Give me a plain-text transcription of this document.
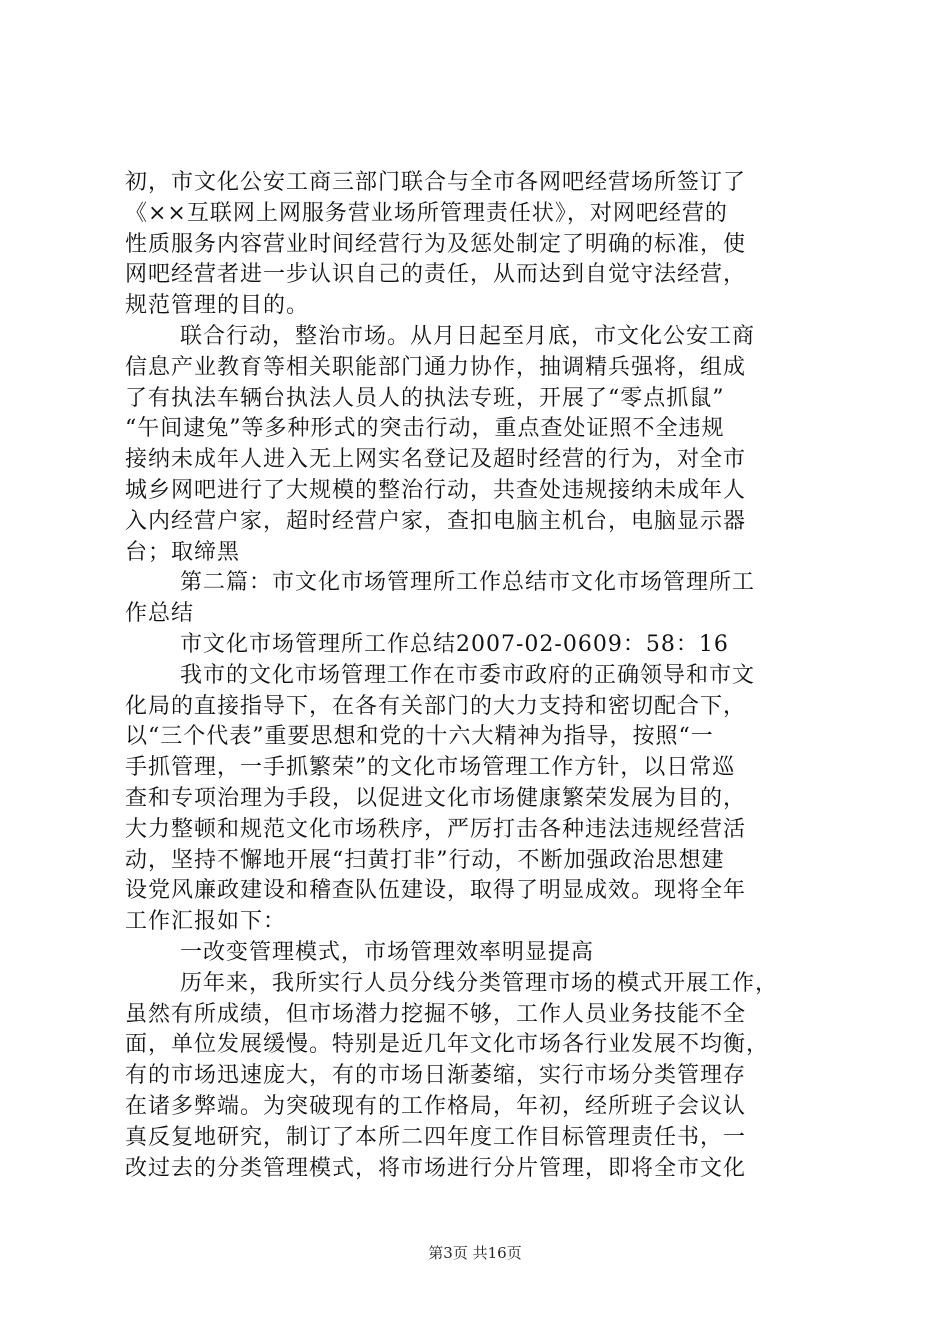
初，市文化公安工商三部门联合与全市各网吧经营场所签订了
《××互联网上网服务营业场所管理责任状》，对网吧经营的
性质服务内容营业时间经营行为及惩处制定了明确的标准，使
网吧经营者进一步认识自己的责任，从而达到自觉守法经营，
规范管理的目的。
联合行动，整治市场。从月日起至月底，市文化公安工商
信息产业教育等相关职能部门通力协作，抽调精兵强将，组成
了有执法车辆台执法人员人的执法专班，开展了“零点抓鼠”
“午间逮兔”等多种形式的突击行动，重点查处证照不全违规
接纳未成年人进入无上网实名登记及超时经营的行为，对全市
城乡网吧进行了大规模的整治行动，共查处违规接纳未成年人
入内经营户家，超时经营户家，查扣电脑主机台，电脑显示器
台；取缔黑
第二篇：市文化市场管理所工作总结市文化市场管理所工
作总结
市文化市场管理所工作总结2007-02-0609：58：16
我市的文化市场管理工作在市委市政府的正确领导和市文
化局的直接指导下，在各有关部门的大力支持和密切配合下，
以“三个代表”重要思想和党的十六大精神为指导，按照“一
手抓管理，一手抓繁荣”的文化市场管理工作方针，以日常巡
查和专项治理为手段，以促进文化市场健康繁荣发展为目的，
大力整顿和规范文化市场秩序，严厉打击各种违法违规经营活
动，坚持不懈地开展“扫黄打非”行动，不断加强政治思想建
设党风廉政建设和稽查队伍建设，取得了明显成效。现将全年
工作汇报如下：
一改变管理模式，市场管理效率明显提高
历年来，我所实行人员分线分类管理市场的模式开展工作，
虽然有所成绩，但市场潜力挖掘不够，工作人员业务技能不全
面，单位发展缓慢。特别是近几年文化市场各行业发展不均衡，
有的市场迅速庞大，有的市场日渐萎缩，实行市场分类管理存
在诸多弊端。为突破现有的工作格局，年初，经所班子会议认
真反复地研究，制订了本所二四年度工作目标管理责任书，一
改过去的分类管理模式，将市场进行分片管理，即将全市文化
第3页 共16页
